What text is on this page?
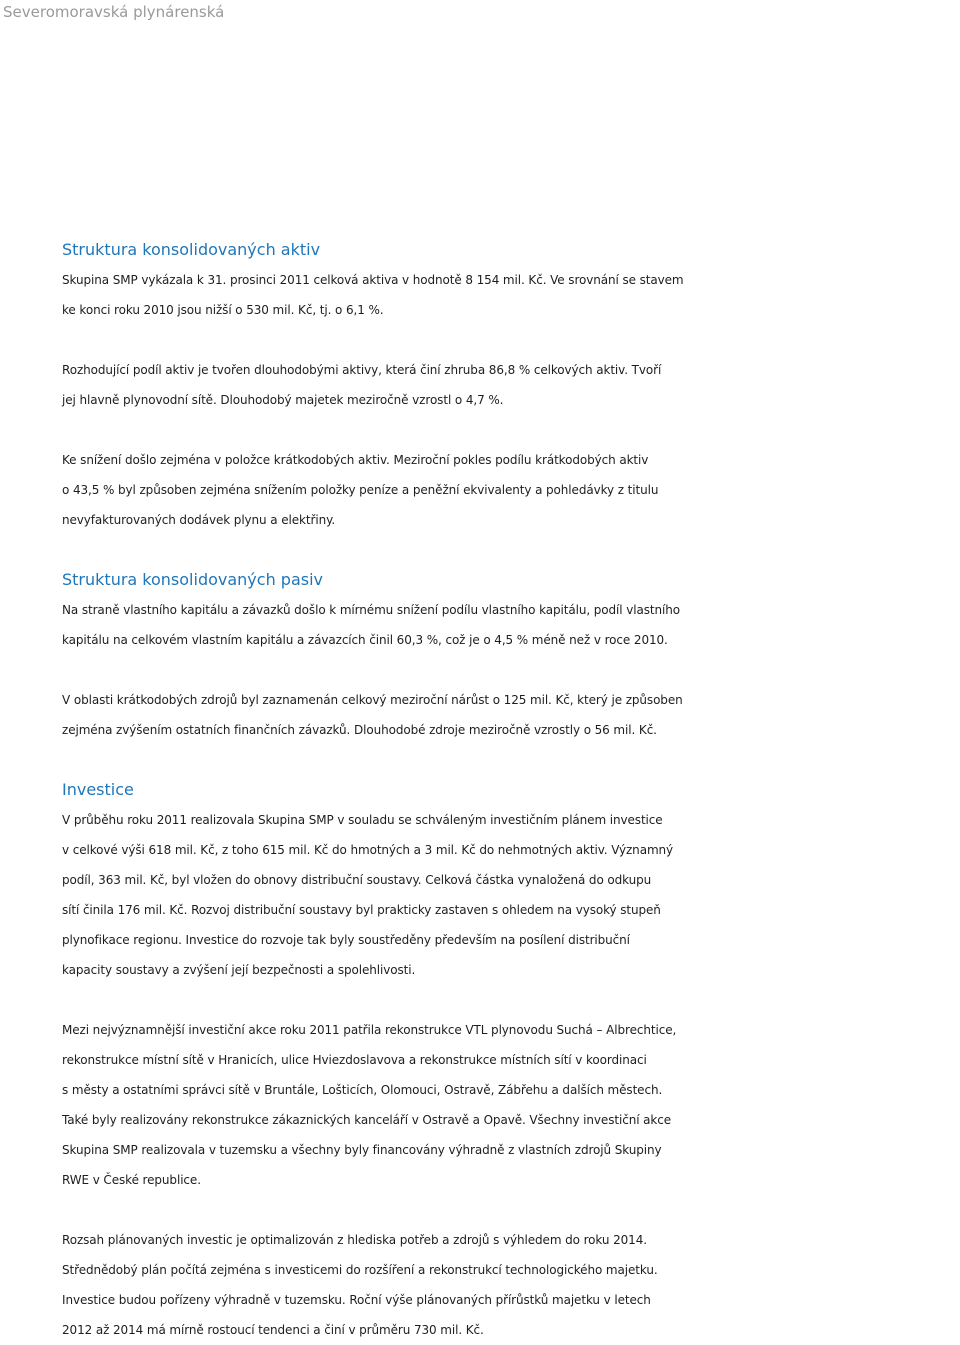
Severomoravská plynárenská
Struktura konsolidovaných aktiv

Skupina SMP vykázala k 31. prosinci 2011 celková aktiva v hodnotě 8 154 mil. Kč. Ve srovnání se stavem
ke konci roku 2010 jsou nižší o 530 mil. Kč, tj. o 6,1 %.

Rozhodující podíl aktiv je tvořen dlouhodobými aktivy, která činí zhruba 86,8 % celkových aktiv. Tvoří
jej hlavně plynovodní sítě. Dlouhodobý majetek meziročně vzrostl o 4,7 %.

Ke snížení došlo zejména v položce krátkodobých aktiv. Meziroční pokles podílu krátkodobých aktiv
o 43,5 % byl způsoben zejména snížením položky peníze a peněžní ekvivalenty a pohledávky z titulu
nevyfakturovaných dodávek plynu a elektřiny.

Struktura konsolidovaných pasiv

Na straně vlastního kapitálu a závazků došlo k mírnému snížení podílu vlastního kapitálu, podíl vlastního
kapitálu na celkovém vlastním kapitálu a závazcích činil 60,3 %, což je o 4,5 % méně než v roce 2010.

V oblasti krátkodobých zdrojů byl zaznamenán celkový meziroční nárůst o 125 mil. Kč, který je způsoben
zejména zvýšením ostatních finančních závazků. Dlouhodobé zdroje meziročně vzrostly o 56 mil. Kč.

Investice

V průběhu roku 2011 realizovala Skupina SMP v souladu se schváleným investičním plánem investice
v celkové výši 618 mil. Kč, z toho 615 mil. Kč do hmotných a 3 mil. Kč do nehmotných aktiv. Významný
podíl, 363 mil. Kč, byl vložen do obnovy distribuční soustavy. Celková částka vynaložená do odkupu
sítí činila 176 mil. Kč. Rozvoj distribuční soustavy byl prakticky zastaven s ohledem na vysoký stupeň
plynofikace regionu. Investice do rozvoje tak byly soustředěny především na posílení distribuční
kapacity soustavy a zvýšení její bezpečnosti a spolehlivosti.

Mezi nejvýznamnější investiční akce roku 2011 patřila rekonstrukce VTL plynovodu Suchá – Albrechtice,
rekonstrukce místní sítě v Hranicích, ulice Hviezdoslavova a rekonstrukce místních sítí v koordinaci
s městy a ostatními správci sítě v Bruntále, Lošticích, Olomouci, Ostravě, Zábřehu a dalších městech.
Také byly realizovány rekonstrukce zákaznických kanceláří v Ostravě a Opavě. Všechny investiční akce
Skupina SMP realizovala v tuzemsku a všechny byly financovány výhradně z vlastních zdrojů Skupiny
RWE v České republice.

Rozsah plánovaných investic je optimalizován z hlediska potřeb a zdrojů s výhledem do roku 2014.
Střednědobý plán počítá zejména s investicemi do rozšíření a rekonstrukcí technologického majetku.
Investice budou pořízeny výhradně v tuzemsku. Roční výše plánovaných přírůstků majetku v letech
2012 až 2014 má mírně rostoucí tendenci a činí v průměru 730 mil. Kč.
